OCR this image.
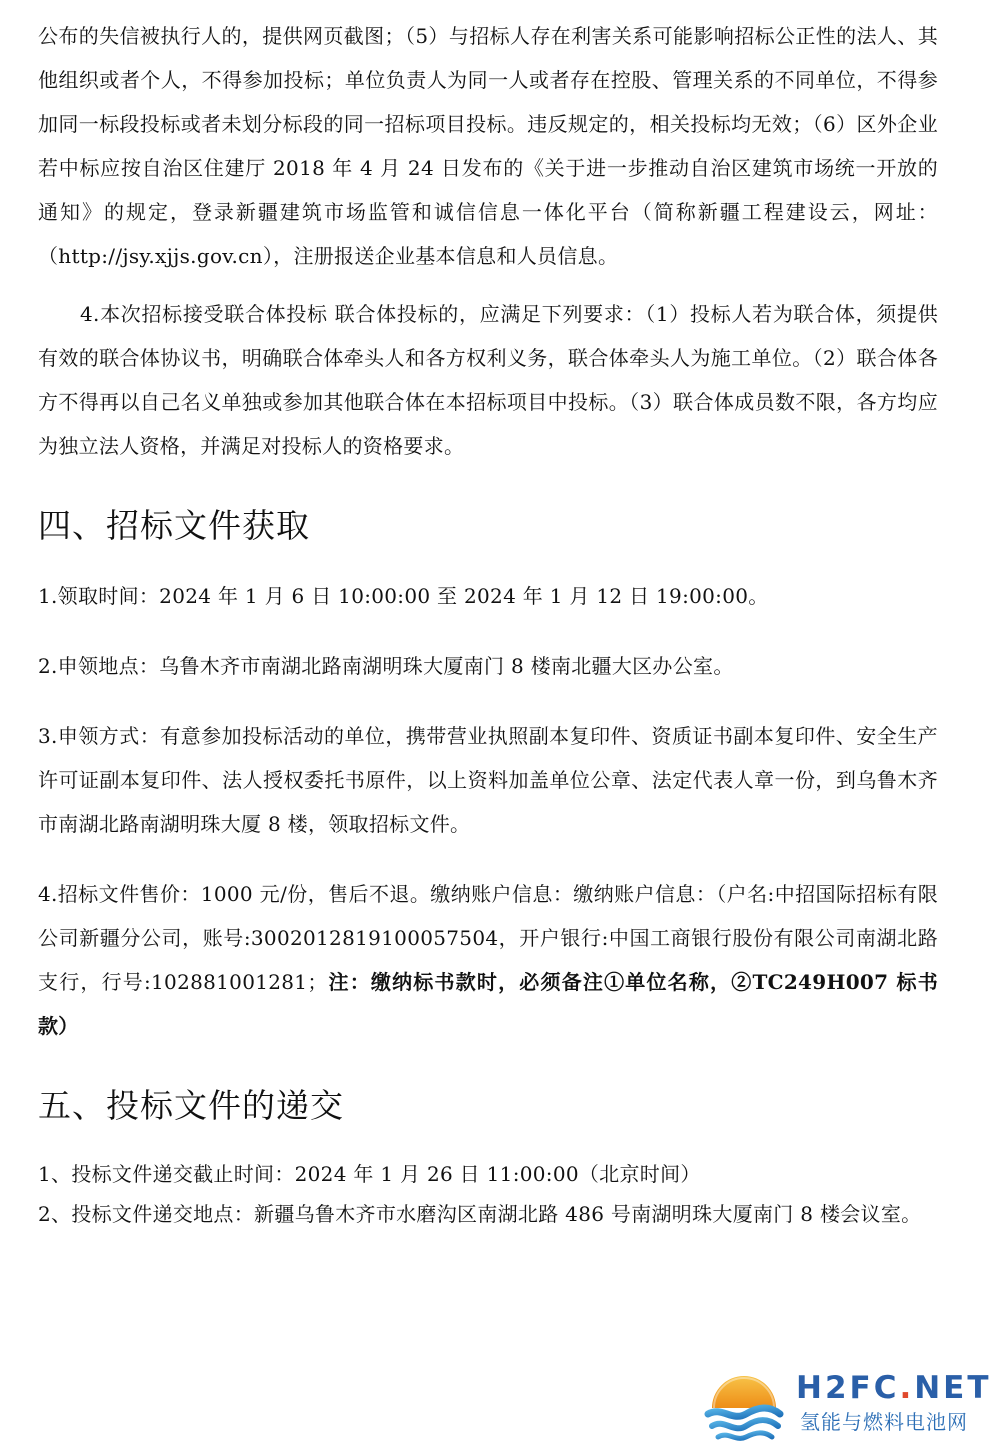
公布的失信被执行人的，提供网页截图；（5）与招标人存在利害关系可能影响招标公正性的法人、其他组织或者个人，不得参加投标；单位负责人为同一人或者存在控股、管理关系的不同单位，不得参加同一标段投标或者未划分标段的同一招标项目投标。违反规定的，相关投标均无效；（6）区外企业若中标应按自治区住建厅 2018 年 4 月 24 日发布的《关于进一步推动自治区建筑市场统一开放的通知》的规定，登录新疆建筑市场监管和诚信信息一体化平台（简称新疆工程建设云，网址：（http://jsy.xjjs.gov.cn），注册报送企业基本信息和人员信息。

4.本次招标接受联合体投标 联合体投标的，应满足下列要求：（1）投标人若为联合体，须提供有效的联合体协议书，明确联合体牵头人和各方权利义务，联合体牵头人为施工单位。（2）联合体各方不得再以自己名义单独或参加其他联合体在本招标项目中投标。（3）联合体成员数不限，各方均应为独立法人资格，并满足对投标人的资格要求。

四、招标文件获取

1.领取时间：2024 年 1 月 6 日 10:00:00 至 2024 年 1 月 12 日 19:00:00。

2.申领地点：乌鲁木齐市南湖北路南湖明珠大厦南门 8 楼南北疆大区办公室。

3.申领方式：有意参加投标活动的单位，携带营业执照副本复印件、资质证书副本复印件、安全生产许可证副本复印件、法人授权委托书原件，以上资料加盖单位公章、法定代表人章一份，到乌鲁木齐市南湖北路南湖明珠大厦 8 楼，领取招标文件。

4.招标文件售价：1000 元/份，售后不退。缴纳账户信息：缴纳账户信息：（户名:中招国际招标有限公司新疆分公司，账号:3002012819100057504，开户银行:中国工商银行股份有限公司南湖北路支行，行号:102881001281；注：缴纳标书款时，必须备注①单位名称，②TC249H007 标书款）

五、投标文件的递交

1、投标文件递交截止时间：2024 年 1 月 26 日 11:00:00（北京时间）

2、投标文件递交地点：新疆乌鲁木齐市水磨沟区南湖北路 486 号南湖明珠大厦南门 8 楼会议室。

H2FC.NET
氢能与燃料电池网
